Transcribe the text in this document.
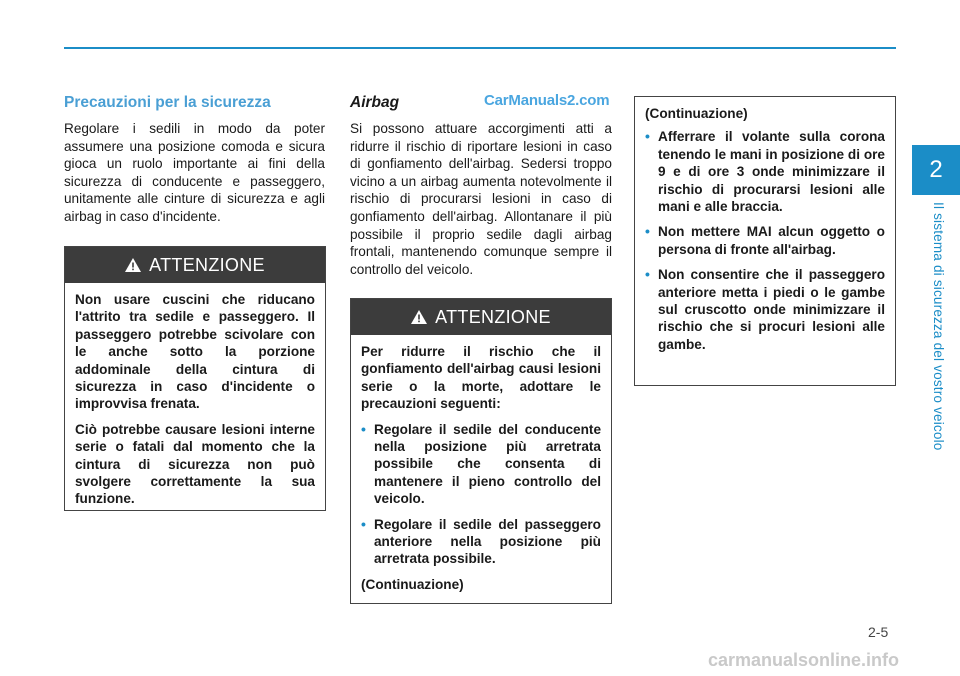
2
Il sistema di sicurezza del vostro veicolo
CarManuals2.com
Precauzioni per la sicurezza
Regolare i sedili in modo da poter assumere una posizione comoda e sicura gioca un ruolo importante ai fini della sicurezza di conducente e passeggero, unitamente alle cinture di sicurezza e agli airbag in caso d'incidente.
ATTENZIONE

Non usare cuscini che riducano l'attrito tra sedile e passeggero. Il passeggero potrebbe scivolare con le anche sotto la porzione addominale della cintura di sicurezza in caso d'incidente o improvvisa frenata.

Ciò potrebbe causare lesioni interne serie o fatali dal momento che la cintura di sicurezza non può svolgere correttamente la sua funzione.

Airbag
Si possono attuare accorgimenti atti a ridurre il rischio di riportare lesioni in caso di gonfiamento dell'airbag. Sedersi troppo vicino a un airbag aumenta notevolmente il rischio di procurarsi lesioni in caso di gonfiamento dell'airbag. Allontanare il più possibile il proprio sedile dagli airbag frontali, mantenendo comunque sempre il controllo del veicolo.
ATTENZIONE

Per ridurre il rischio che il gonfiamento dell'airbag causi lesioni serie o la morte, adottare le precauzioni seguenti:

• Regolare il sedile del conducente nella posizione più arretrata possibile che consenta di mantenere il pieno controllo del veicolo.
• Regolare il sedile del passeggero anteriore nella posizione più arretrata possibile.

(Continuazione)

(Continuazione)

• Afferrare il volante sulla corona tenendo le mani in posizione di ore 9 e di ore 3 onde minimizzare il rischio di procurarsi lesioni alle mani e alle braccia.
• Non mettere MAI alcun oggetto o persona di fronte all'airbag.
• Non consentire che il passeggero anteriore metta i piedi o le gambe sul cruscotto onde minimizzare il rischio che si procuri lesioni alle gambe.
2-5
carmanualsonline.info
